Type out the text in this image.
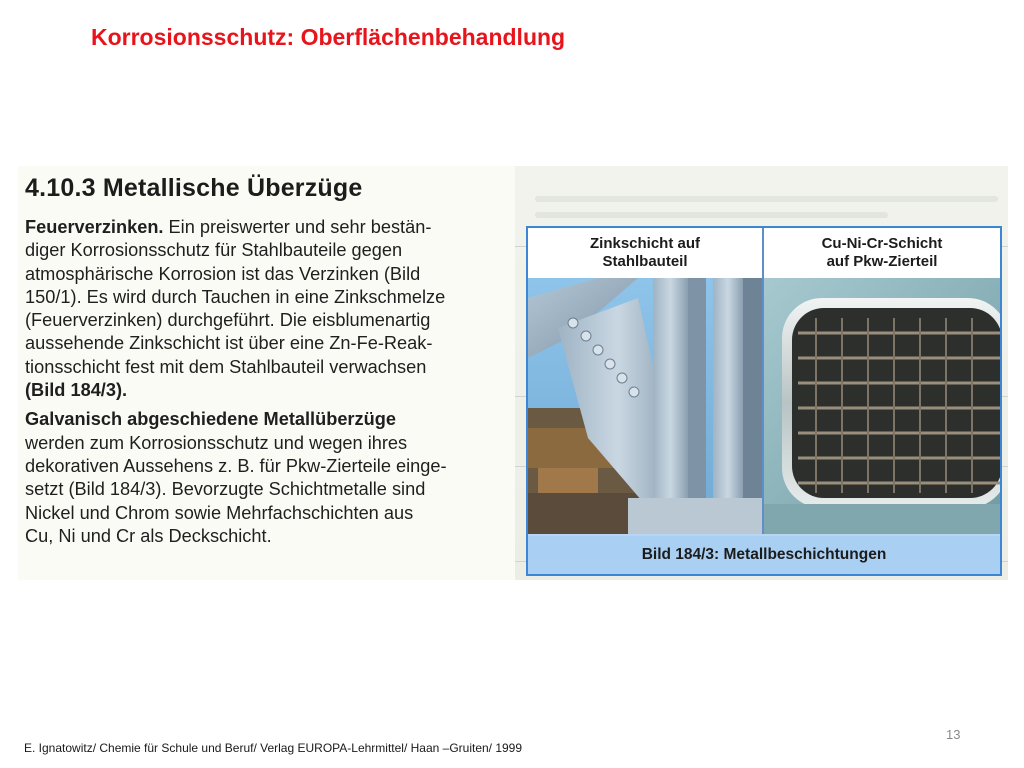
Korrosionsschutz: Oberflächenbehandlung
4.10.3 Metallische Überzüge
Feuerverzinken. Ein preiswerter und sehr bestän-
diger Korrosionsschutz für Stahlbauteile gegen
atmosphärische Korrosion ist das Verzinken (Bild
150/1). Es wird durch Tauchen in eine Zinkschmelze
(Feuerverzinken) durchgeführt. Die eisblumenartig
aussehende Zinkschicht ist über eine Zn-Fe-Reak-
tionsschicht fest mit dem Stahlbauteil verwachsen
(Bild 184/3).
Galvanisch abgeschiedene Metallüberzüge
werden zum Korrosionsschutz und wegen ihres
dekorativen Aussehens z. B. für Pkw-Zierteile einge-
setzt (Bild 184/3). Bevorzugte Schichtmetalle sind
Nickel und Chrom sowie Mehrfachschichten aus
Cu, Ni und Cr als Deckschicht.
Zinkschicht auf
Stahlbauteil
Cu-Ni-Cr-Schicht
auf Pkw-Zierteil
Bild 184/3: Metallbeschichtungen
E. Ignatowitz/ Chemie für Schule und Beruf/ Verlag EUROPA-Lehrmittel/ Haan –Gruiten/ 1999
13
